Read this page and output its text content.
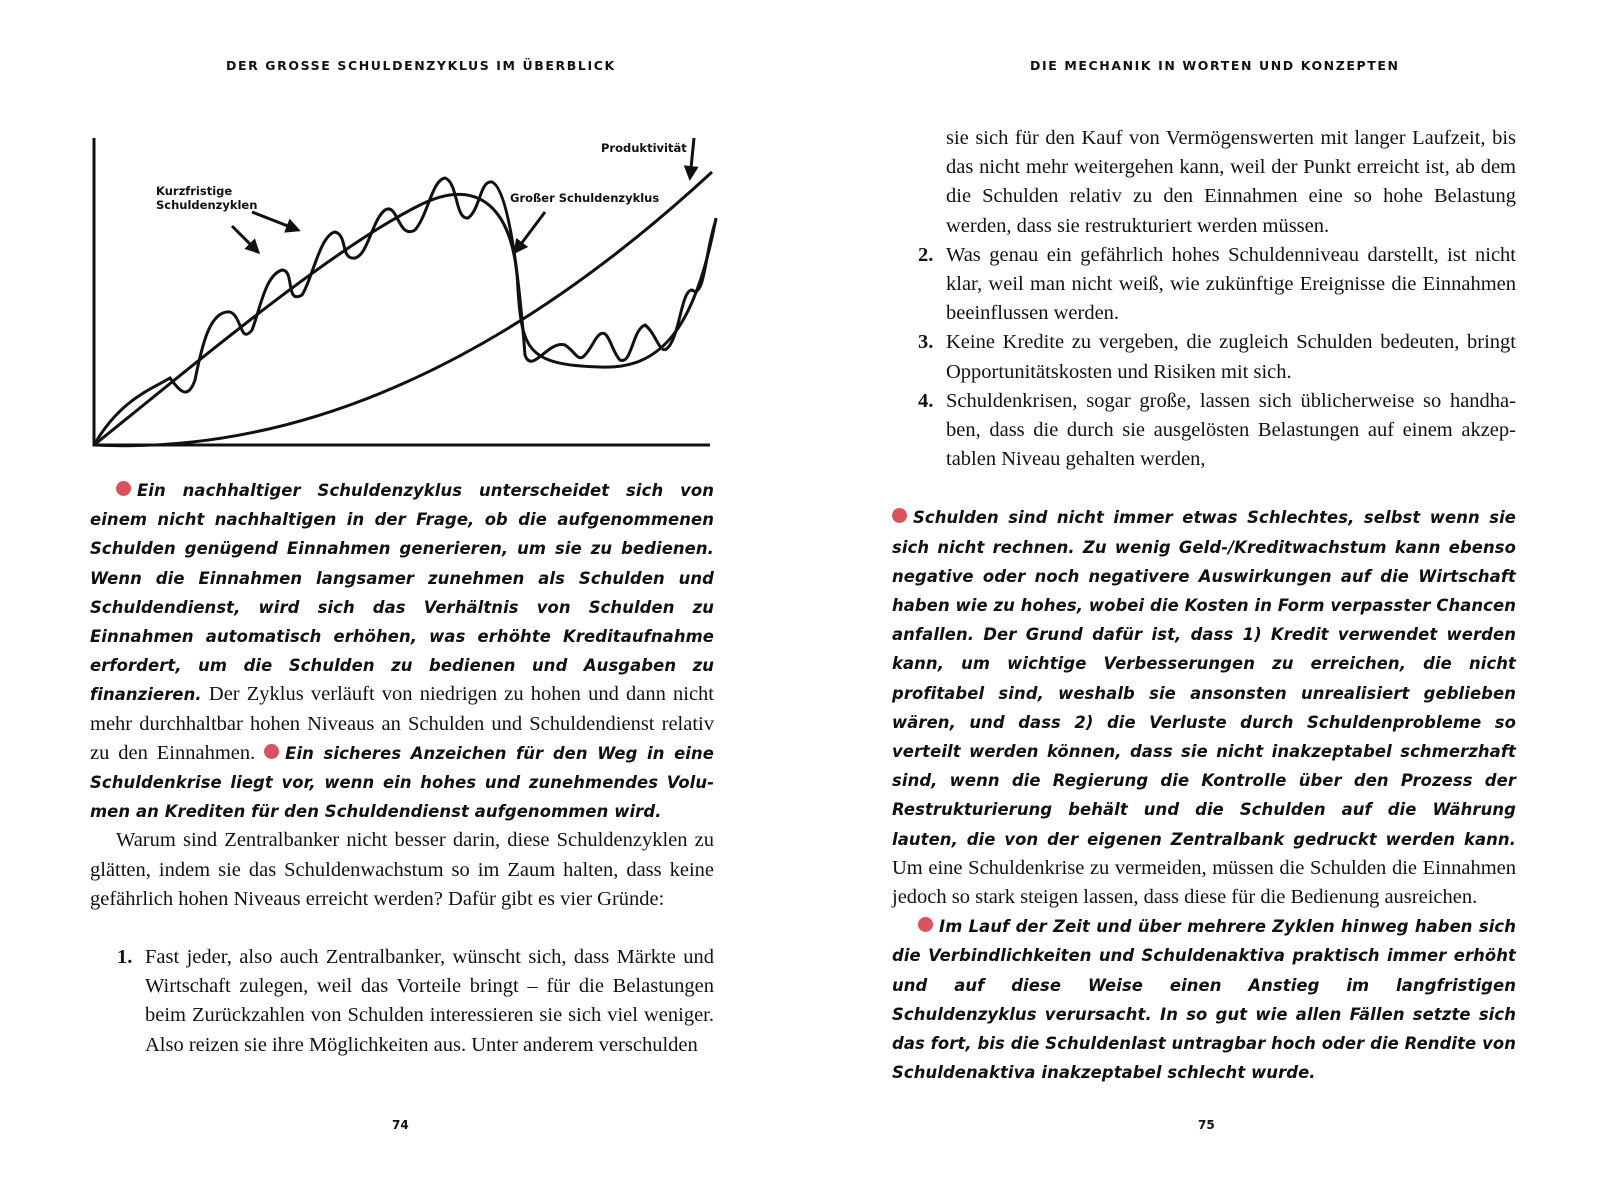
DER GROSSE SCHULDENZYKLUS IM ÜBERBLICK
Kurzfristige
Schuldenzyklen	Großer Schuldenzyklus
Produktivität

Ein nachhaltiger Schuldenzyklus unterscheidet sich von einem nicht nachhaltigen in der Frage, ob die aufgenommenen Schulden genügend Einnahmen generieren, um sie zu bedienen. Wenn die Einnahmen langsamer zunehmen als Schulden und Schuldendienst, wird sich das Verhältnis von Schulden zu Einnahmen automatisch erhöhen, was erhöhte Kreditaufnahme erfordert, um die Schulden zu bedienen und Ausgaben zu finanzieren. Der Zyklus verläuft von niedrigen zu hohen und dann nicht mehr durchhaltbar hohen Niveaus an Schulden und Schuldendienst relativ zu den Einnahmen. Ein sicheres Anzeichen für den Weg in eine Schuldenkrise liegt vor, wenn ein hohes und zunehmendes Volumen an Krediten für den Schuldendienst aufgenommen wird.

Warum sind Zentralbanker nicht besser darin, diese Schuldenzyklen zu glätten, indem sie das Schuldenwachstum so im Zaum halten, dass keine gefährlich hohen Niveaus erreicht werden? Dafür gibt es vier Gründe:

1. Fast jeder, also auch Zentralbanker, wünscht sich, dass Märkte und Wirtschaft zulegen, weil das Vorteile bringt – für die Belastungen beim Zurückzahlen von Schulden interessieren sie sich viel weniger. Also reizen sie ihre Möglichkeiten aus. Unter anderem verschulden
74
DIE MECHANIK IN WORTEN UND KONZEPTEN
sie sich für den Kauf von Vermögenswerten mit langer Laufzeit, bis das nicht mehr weitergehen kann, weil der Punkt erreicht ist, ab dem die Schulden relativ zu den Einnahmen eine so hohe Belastung werden, dass sie restrukturiert werden müssen.
2. Was genau ein gefährlich hohes Schuldenniveau darstellt, ist nicht klar, weil man nicht weiß, wie zukünftige Ereignisse die Einnahmen beeinflussen werden.
3. Keine Kredite zu vergeben, die zugleich Schulden bedeuten, bringt Opportunitätskosten und Risiken mit sich.
4. Schuldenkrisen, sogar große, lassen sich üblicherweise so handhaben, dass die durch sie ausgelösten Belastungen auf einem akzeptablen Niveau gehalten werden,

Schulden sind nicht immer etwas Schlechtes, selbst wenn sie sich nicht rechnen. Zu wenig Geld-/Kreditwachstum kann ebenso negative oder noch negativere Auswirkungen auf die Wirtschaft haben wie zu hohes, wobei die Kosten in Form verpasster Chancen anfallen. Der Grund dafür ist, dass 1) Kredit verwendet werden kann, um wichtige Verbesserungen zu erreichen, die nicht profitabel sind, weshalb sie ansonsten unrealisiert geblieben wären, und dass 2) die Verluste durch Schuldenprobleme so verteilt werden können, dass sie nicht inakzeptabel schmerzhaft sind, wenn die Regierung die Kontrolle über den Prozess der Restrukturierung behält und die Schulden auf die Währung lauten, die von der eigenen Zentralbank gedruckt werden kann. Um eine Schuldenkrise zu vermeiden, müssen die Schulden die Einnahmen jedoch so stark steigen lassen, dass diese für die Bedienung ausreichen.

Im Lauf der Zeit und über mehrere Zyklen hinweg haben sich die Verbindlichkeiten und Schuldenaktiva praktisch immer erhöht und auf diese Weise einen Anstieg im langfristigen Schuldenzyklus verursacht. In so gut wie allen Fällen setzte sich das fort, bis die Schuldenlast untragbar hoch oder die Rendite von Schuldenaktiva inakzeptabel schlecht wurde.

75
